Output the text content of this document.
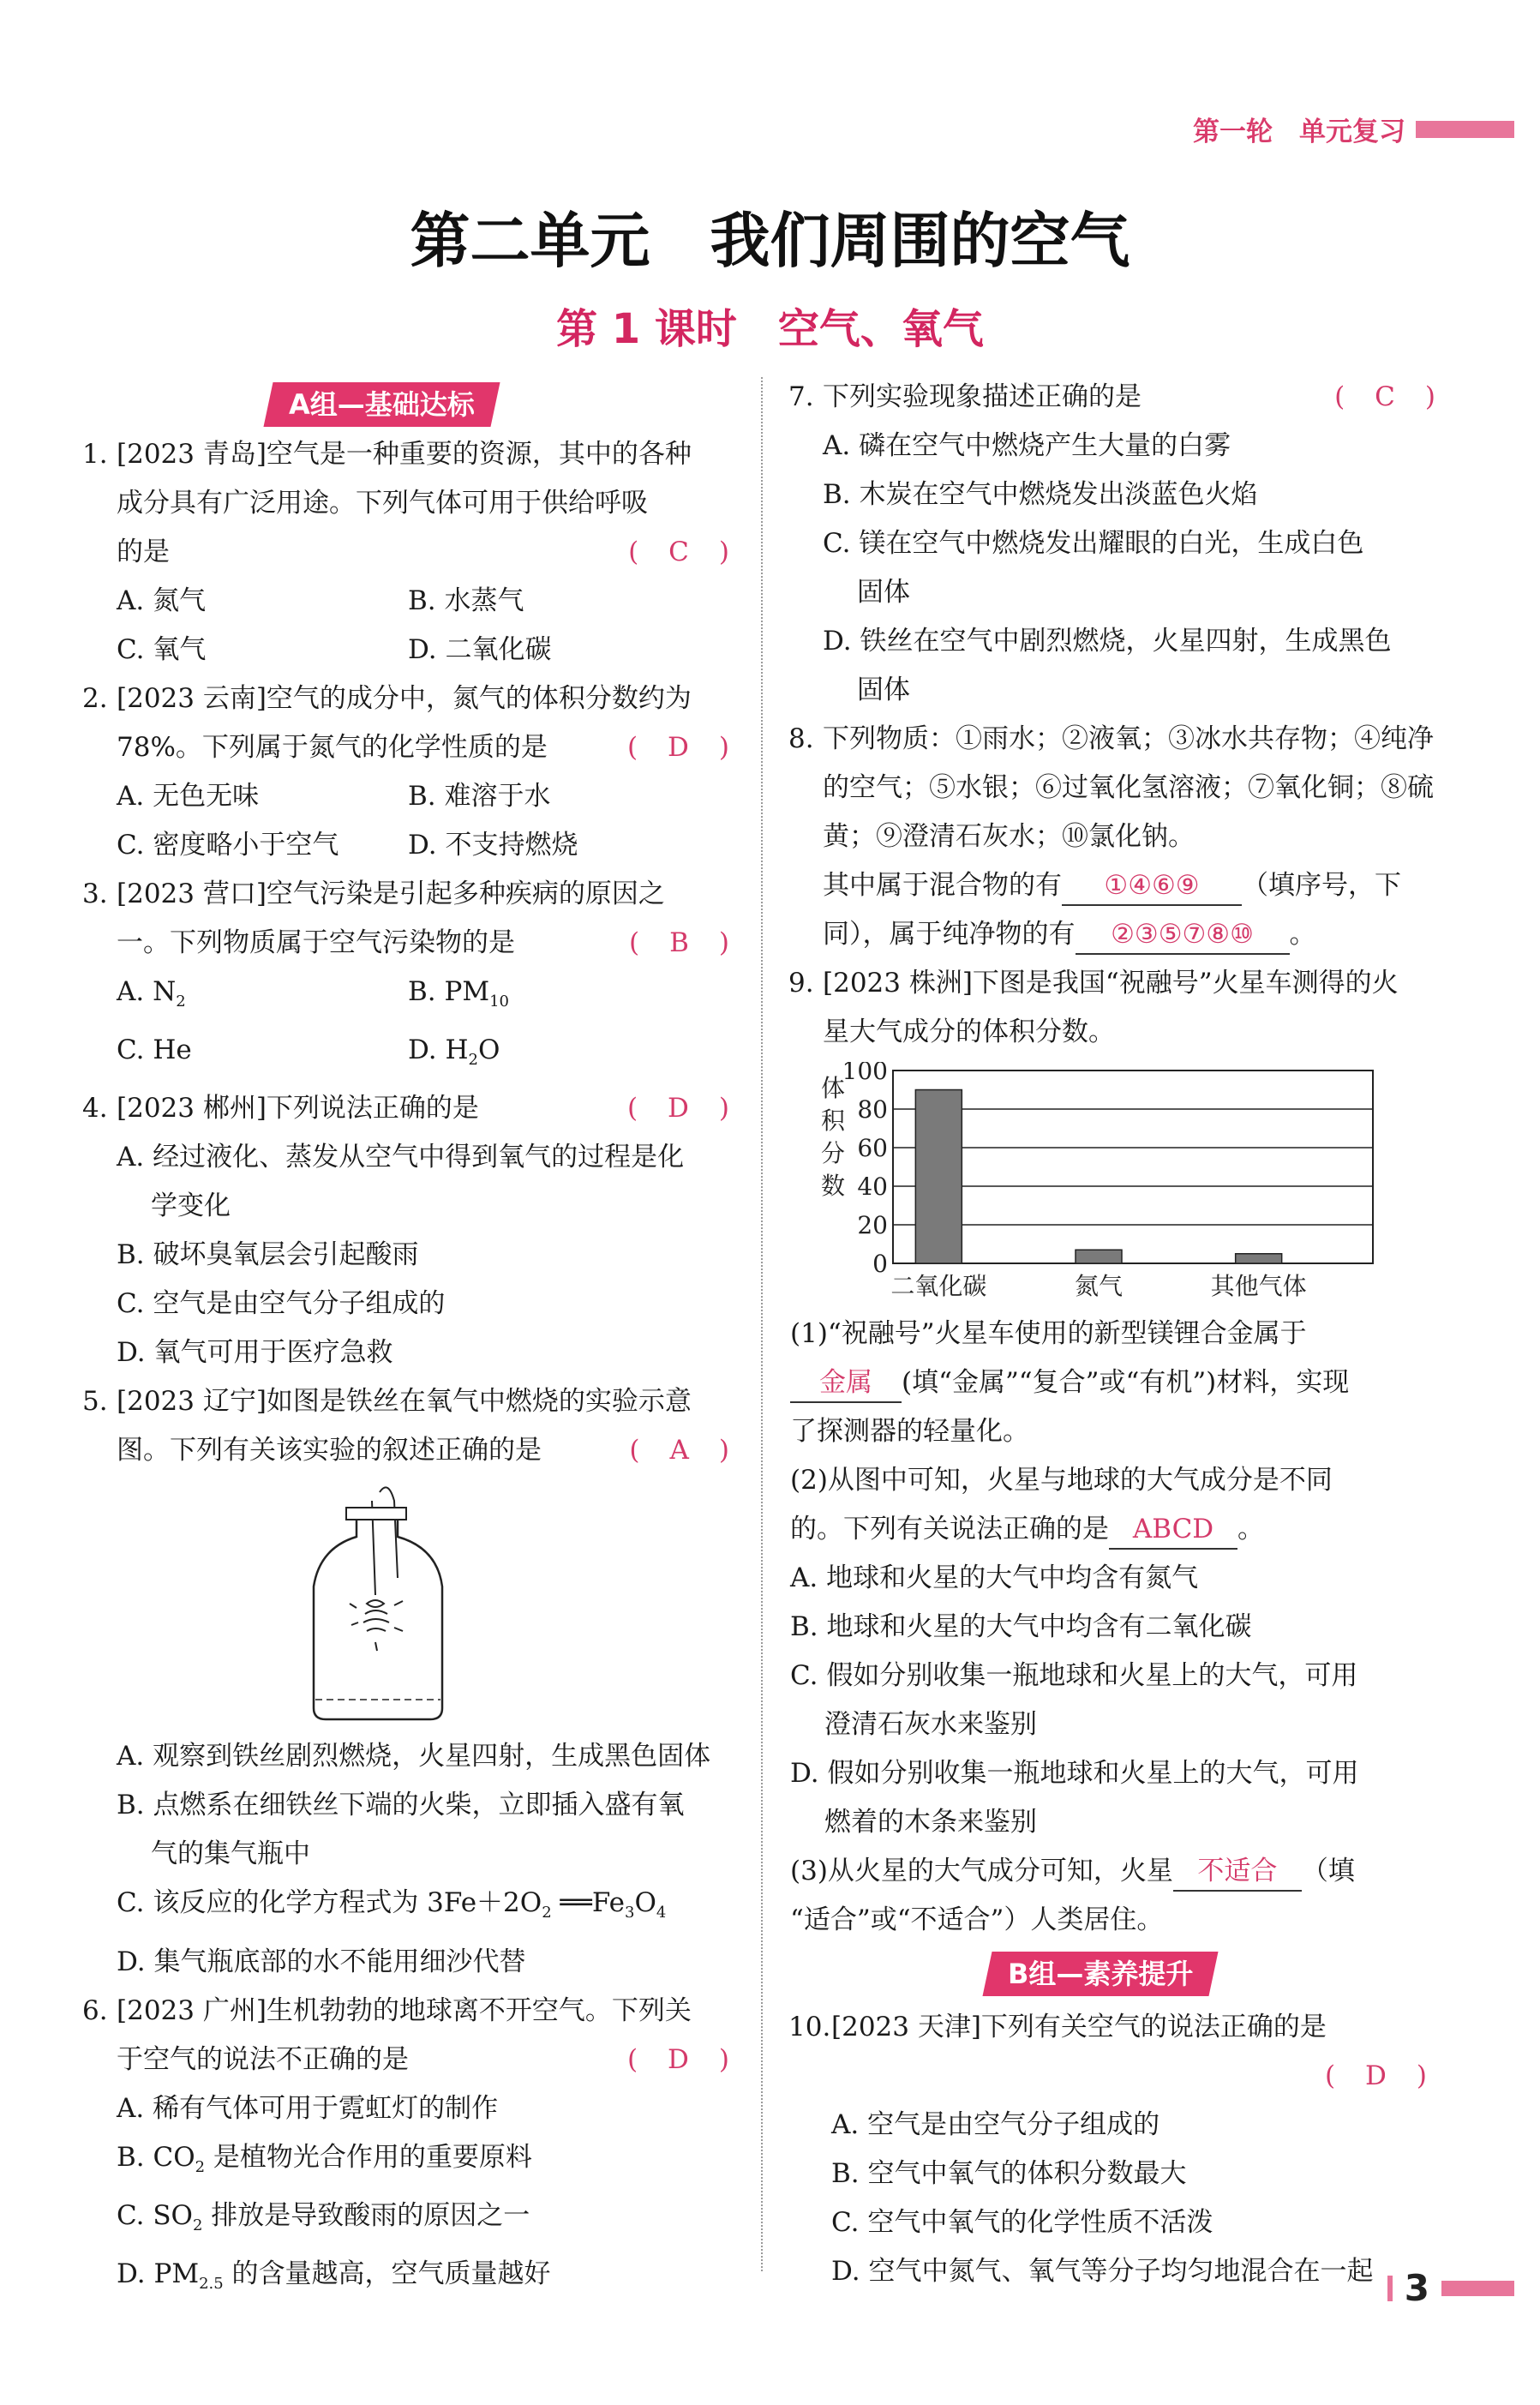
第一轮　单元复习
第二单元　我们周围的空气
第 1 课时　空气、氧气
A组—基础达标
1. [2023 青岛]空气是一种重要的资源，其中的各种
成分具有广泛用途。下列气体可用于供给呼吸
的是	(　C　)
A. 氮气	B. 水蒸气
C. 氧气	D. 二氧化碳
2. [2023 云南]空气的成分中，氮气的体积分数约为
78%。下列属于氮气的化学性质的是	(　D　)
A. 无色无味	B. 难溶于水
C. 密度略小于空气	D. 不支持燃烧
3. [2023 营口]空气污染是引起多种疾病的原因之
一。下列物质属于空气污染物的是	(　B　)
A. $N_2$	B. $PM_{10}$
C. He	D. $H_2O$
4. [2023 郴州]下列说法正确的是	(　D　)
A. 经过液化、蒸发从空气中得到氧气的过程是化
学变化
B. 破坏臭氧层会引起酸雨
C. 空气是由空气分子组成的
D. 氧气可用于医疗急救
5. [2023 辽宁]如图是铁丝在氧气中燃烧的实验示意
图。下列有关该实验的叙述正确的是	(　A　)
A. 观察到铁丝剧烈燃烧，火星四射，生成黑色固体
B. 点燃系在细铁丝下端的火柴，立即插入盛有氧
气的集气瓶中
C. 该反应的化学方程式为 $3Fe+2O_2$ $══Fe_3O_4$
D. 集气瓶底部的水不能用细沙代替
6. [2023 广州]生机勃勃的地球离不开空气。下列关
于空气的说法不正确的是	(　D　)
A. 稀有气体可用于霓虹灯的制作
B. $CO_2$ 是植物光合作用的重要原料
C. $SO_2$ 排放是导致酸雨的原因之一
D. $PM_{2.5}$ 的含量越高，空气质量越好
7. 下列实验现象描述正确的是	(　C　)
A. 磷在空气中燃烧产生大量的白雾
B. 木炭在空气中燃烧发出淡蓝色火焰
C. 镁在空气中燃烧发出耀眼的白光，生成白色
固体
D. 铁丝在空气中剧烈燃烧，火星四射，生成黑色
固体
8. 下列物质：①雨水；②液氧；③冰水共存物；④纯净
的空气；⑤水银；⑥过氧化氢溶液；⑦氧化铜；⑧硫
黄；⑨澄清石灰水；⑩氯化钠。
其中属于混合物的有 ①④⑥⑨ （填序号，下
同），属于纯净物的有 ②③⑤⑦⑧⑩ 。
9. [2023 株洲]下图是我国“祝融号”火星车测得的火
星大气成分的体积分数。
0
20
40
60
80
100
体
积
分
数
二氧化碳	氮气	其他气体
(1)“祝融号”火星车使用的新型镁锂合金属于
金属 (填“金属”“复合”或“有机”)材料，实现
了探测器的轻量化。
(2)从图中可知，火星与地球的大气成分是不同
的。下列有关说法正确的是 ABCD 。
A. 地球和火星的大气中均含有氮气
B. 地球和火星的大气中均含有二氧化碳
C. 假如分别收集一瓶地球和火星上的大气，可用
澄清石灰水来鉴别
D. 假如分别收集一瓶地球和火星上的大气，可用
燃着的木条来鉴别
(3)从火星的大气成分可知，火星 不适合 （填
“适合”或“不适合”）人类居住。
B组—素养提升
10. [2023 天津]下列有关空气的说法正确的是
(　D　)
A. 空气是由空气分子组成的
B. 空气中氧气的体积分数最大
C. 空气中氧气的化学性质不活泼
D. 空气中氮气、氧气等分子均匀地混合在一起 3
